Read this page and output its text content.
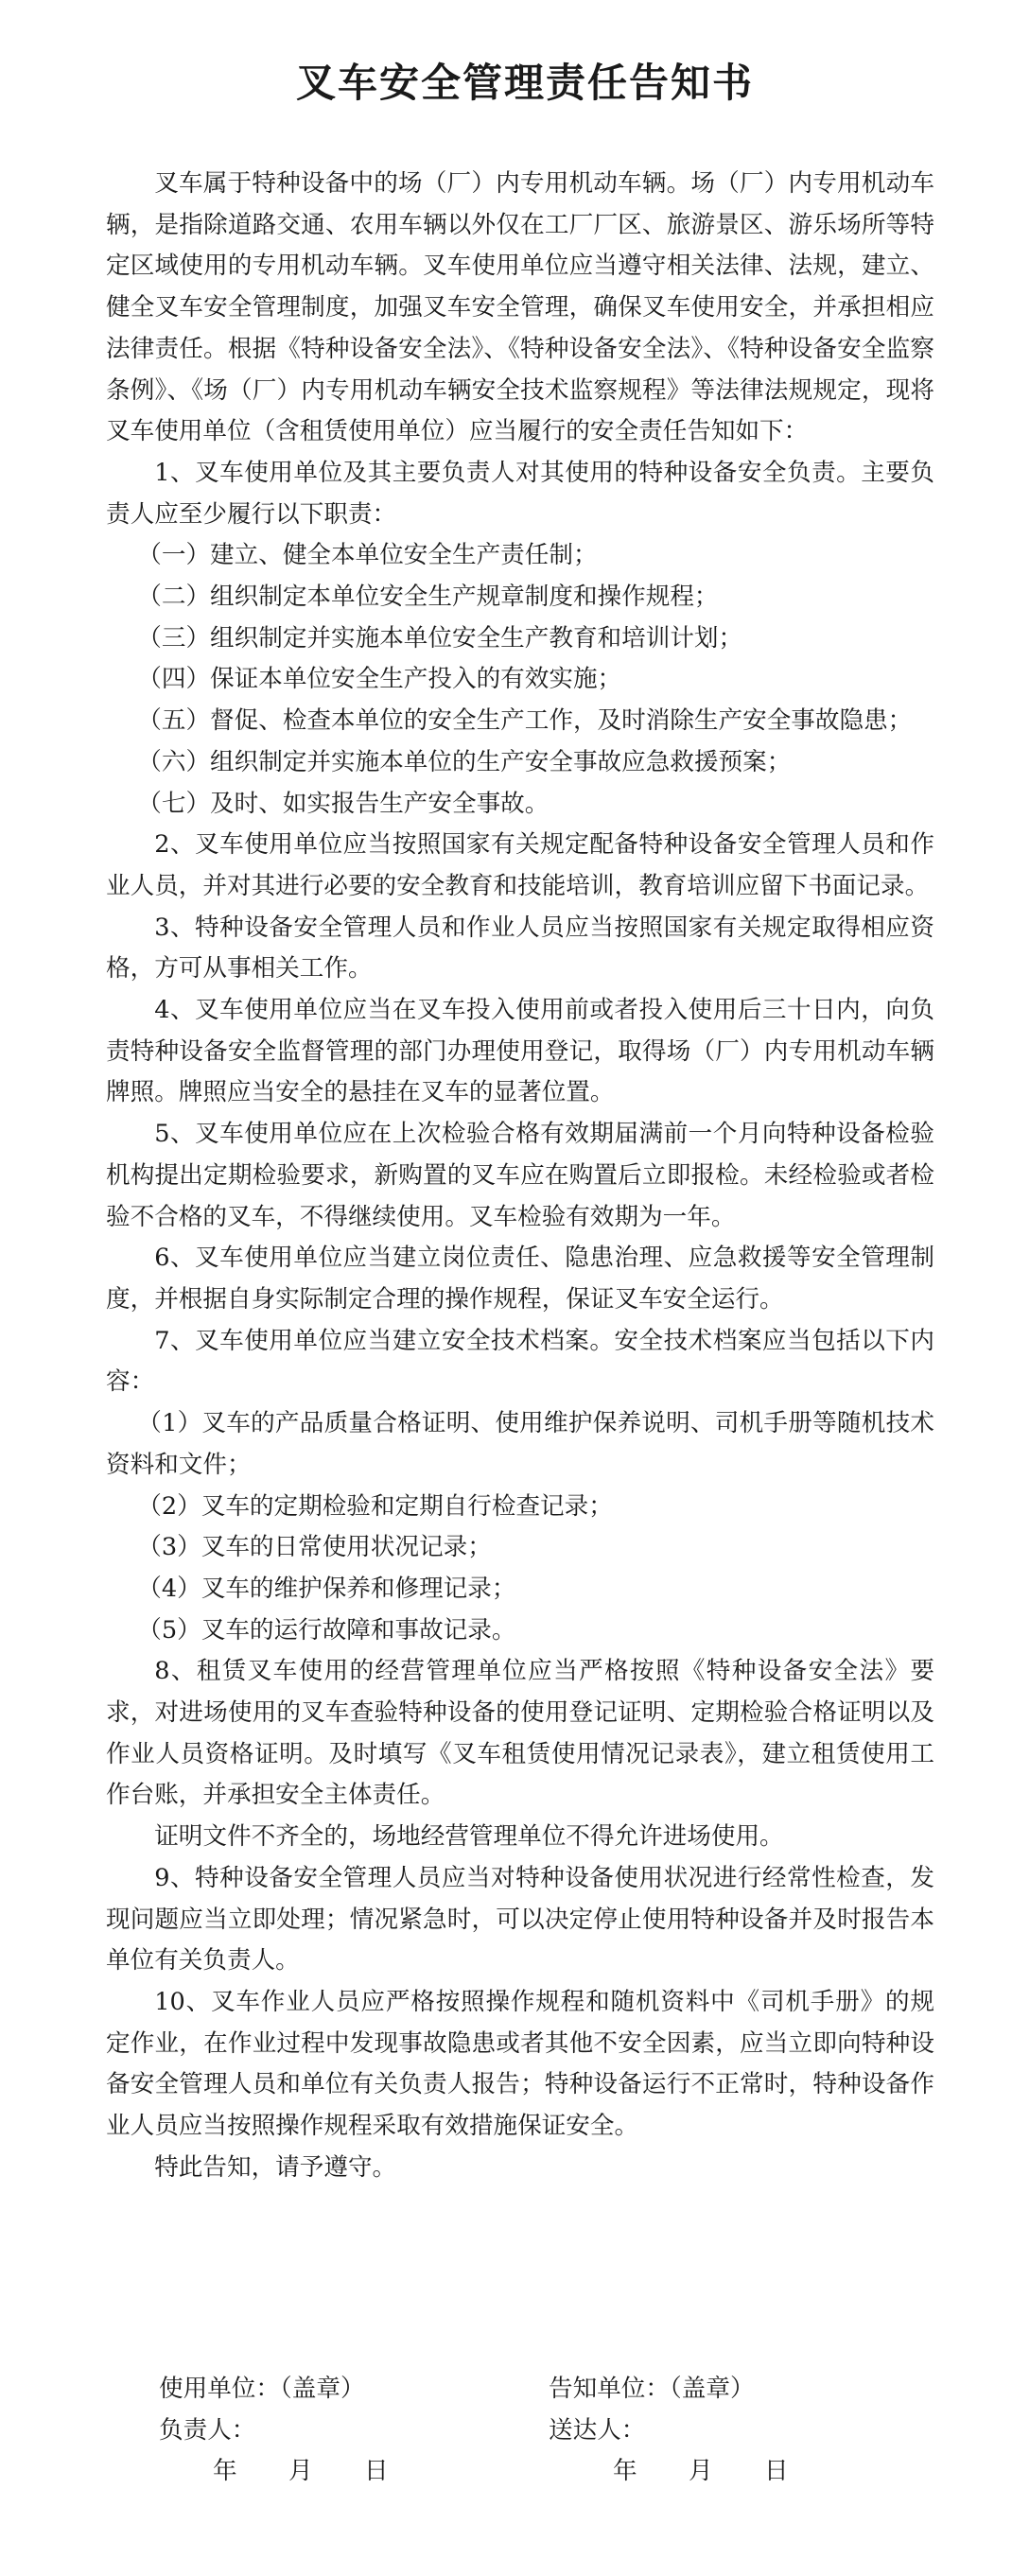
叉车安全管理责任告知书

叉车属于特种设备中的场（厂）内专用机动车辆。场（厂）内专用机动车辆，是指除道路交通、农用车辆以外仅在工厂厂区、旅游景区、游乐场所等特定区域使用的专用机动车辆。叉车使用单位应当遵守相关法律、法规，建立、健全叉车安全管理制度，加强叉车安全管理，确保叉车使用安全，并承担相应法律责任。根据《特种设备安全法》、《特种设备安全法》、《特种设备安全监察条例》、《场（厂）内专用机动车辆安全技术监察规程》等法律法规规定，现将叉车使用单位（含租赁使用单位）应当履行的安全责任告知如下：

1、叉车使用单位及其主要负责人对其使用的特种设备安全负责。主要负责人应至少履行以下职责：

（一）建立、健全本单位安全生产责任制；

（二）组织制定本单位安全生产规章制度和操作规程；

（三）组织制定并实施本单位安全生产教育和培训计划；

（四）保证本单位安全生产投入的有效实施；

（五）督促、检查本单位的安全生产工作，及时消除生产安全事故隐患；

（六）组织制定并实施本单位的生产安全事故应急救援预案；

（七）及时、如实报告生产安全事故。

2、叉车使用单位应当按照国家有关规定配备特种设备安全管理人员和作业人员，并对其进行必要的安全教育和技能培训，教育培训应留下书面记录。

3、特种设备安全管理人员和作业人员应当按照国家有关规定取得相应资格，方可从事相关工作。

4、叉车使用单位应当在叉车投入使用前或者投入使用后三十日内，向负责特种设备安全监督管理的部门办理使用登记，取得场（厂）内专用机动车辆牌照。牌照应当安全的悬挂在叉车的显著位置。

5、叉车使用单位应在上次检验合格有效期届满前一个月向特种设备检验机构提出定期检验要求，新购置的叉车应在购置后立即报检。未经检验或者检验不合格的叉车，不得继续使用。叉车检验有效期为一年。

6、叉车使用单位应当建立岗位责任、隐患治理、应急救援等安全管理制度，并根据自身实际制定合理的操作规程，保证叉车安全运行。

7、叉车使用单位应当建立安全技术档案。安全技术档案应当包括以下内容：

（1）叉车的产品质量合格证明、使用维护保养说明、司机手册等随机技术资料和文件；

（2）叉车的定期检验和定期自行检查记录；

（3）叉车的日常使用状况记录；

（4）叉车的维护保养和修理记录；

（5）叉车的运行故障和事故记录。

8、租赁叉车使用的经营管理单位应当严格按照《特种设备安全法》要求，对进场使用的叉车查验特种设备的使用登记证明、定期检验合格证明以及作业人员资格证明。及时填写《叉车租赁使用情况记录表》，建立租赁使用工作台账，并承担安全主体责任。

证明文件不齐全的，场地经营管理单位不得允许进场使用。

9、特种设备安全管理人员应当对特种设备使用状况进行经常性检查，发现问题应当立即处理；情况紧急时，可以决定停止使用特种设备并及时报告本单位有关负责人。

10、叉车作业人员应严格按照操作规程和随机资料中《司机手册》的规定作业，在作业过程中发现事故隐患或者其他不安全因素，应当立即向特种设备安全管理人员和单位有关负责人报告；特种设备运行不正常时，特种设备作业人员应当按照操作规程采取有效措施保证安全。

特此告知，请予遵守。

使用单位：（盖章）	告知单位：（盖章）
负责人：	送达人：
年 月 日	年 月 日
